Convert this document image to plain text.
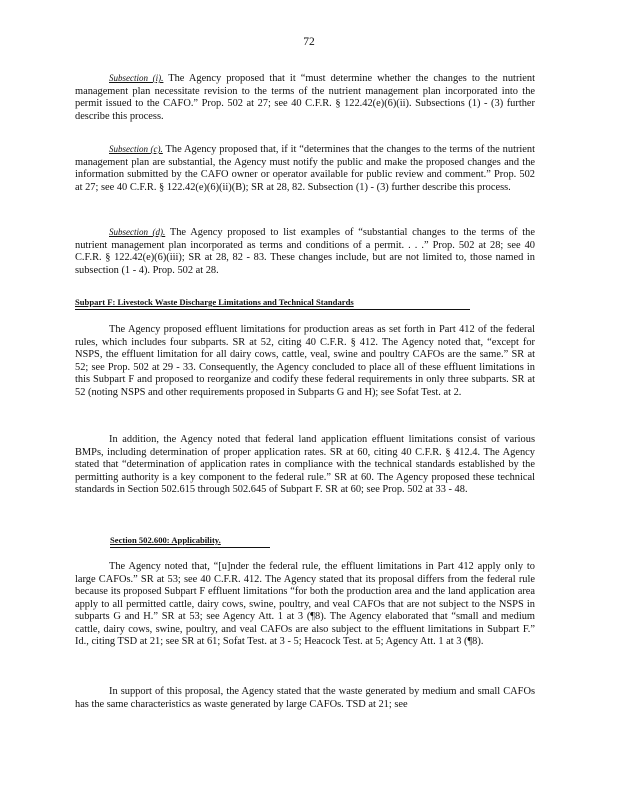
72

Subsection (i). The Agency proposed that it “must determine whether the changes to the nutrient management plan necessitate revision to the terms of the nutrient management plan incorporated into the permit issued to the CAFO.” Prop. 502 at 27; see 40 C.F.R. § 122.42(e)(6)(ii). Subsections (1) - (3) further describe this process.

Subsection (c). The Agency proposed that, if it “determines that the changes to the terms of the nutrient management plan are substantial, the Agency must notify the public and make the proposed changes and the information submitted by the CAFO owner or operator available for public review and comment.” Prop. 502 at 27; see 40 C.F.R. § 122.42(e)(6)(ii)(B); SR at 28, 82. Subsection (1) - (3) further describe this process.

Subsection (d). The Agency proposed to list examples of “substantial changes to the terms of the nutrient management plan incorporated as terms and conditions of a permit. . . .” Prop. 502 at 28; see 40 C.F.R. § 122.42(e)(6)(iii); SR at 28, 82 - 83. These changes include, but are not limited to, those named in subsection (1 - 4). Prop. 502 at 28.

Subpart F: Livestock Waste Discharge Limitations and Technical Standards

The Agency proposed effluent limitations for production areas as set forth in Part 412 of the federal rules, which includes four subparts. SR at 52, citing 40 C.F.R. § 412. The Agency noted that, “except for NSPS, the effluent limitation for all dairy cows, cattle, veal, swine and poultry CAFOs are the same.” SR at 52; see Prop. 502 at 29 - 33. Consequently, the Agency concluded to place all of these effluent limitations in this Subpart F and proposed to reorganize and codify these federal requirements in only three subparts. SR at 52 (noting NSPS and other requirements proposed in Subparts G and H); see Sofat Test. at 2.

In addition, the Agency noted that federal land application effluent limitations consist of various BMPs, including determination of proper application rates. SR at 60, citing 40 C.F.R. § 412.4. The Agency stated that “determination of application rates in compliance with the technical standards established by the permitting authority is a key component to the federal rule.” SR at 60. The Agency proposed these technical standards in Section 502.615 through 502.645 of Subpart F. SR at 60; see Prop. 502 at 33 - 48.

Section 502.600: Applicability.

The Agency noted that, “[u]nder the federal rule, the effluent limitations in Part 412 apply only to large CAFOs.” SR at 53; see 40 C.F.R. 412. The Agency stated that its proposal differs from the federal rule because its proposed Subpart F effluent limitations “for both the production area and the land application area apply to all permitted cattle, dairy cows, swine, poultry, and veal CAFOs that are not subject to the NSPS in subparts G and H.” SR at 53; see Agency Att. 1 at 3 (¶8). The Agency elaborated that “small and medium cattle, dairy cows, swine, poultry, and veal CAFOs are also subject to the effluent limitations in Subpart F.” Id., citing TSD at 21; see SR at 61; Sofat Test. at 3 - 5; Heacock Test. at 5; Agency Att. 1 at 3 (¶8).

In support of this proposal, the Agency stated that the waste generated by medium and small CAFOs has the same characteristics as waste generated by large CAFOs. TSD at 21; see
